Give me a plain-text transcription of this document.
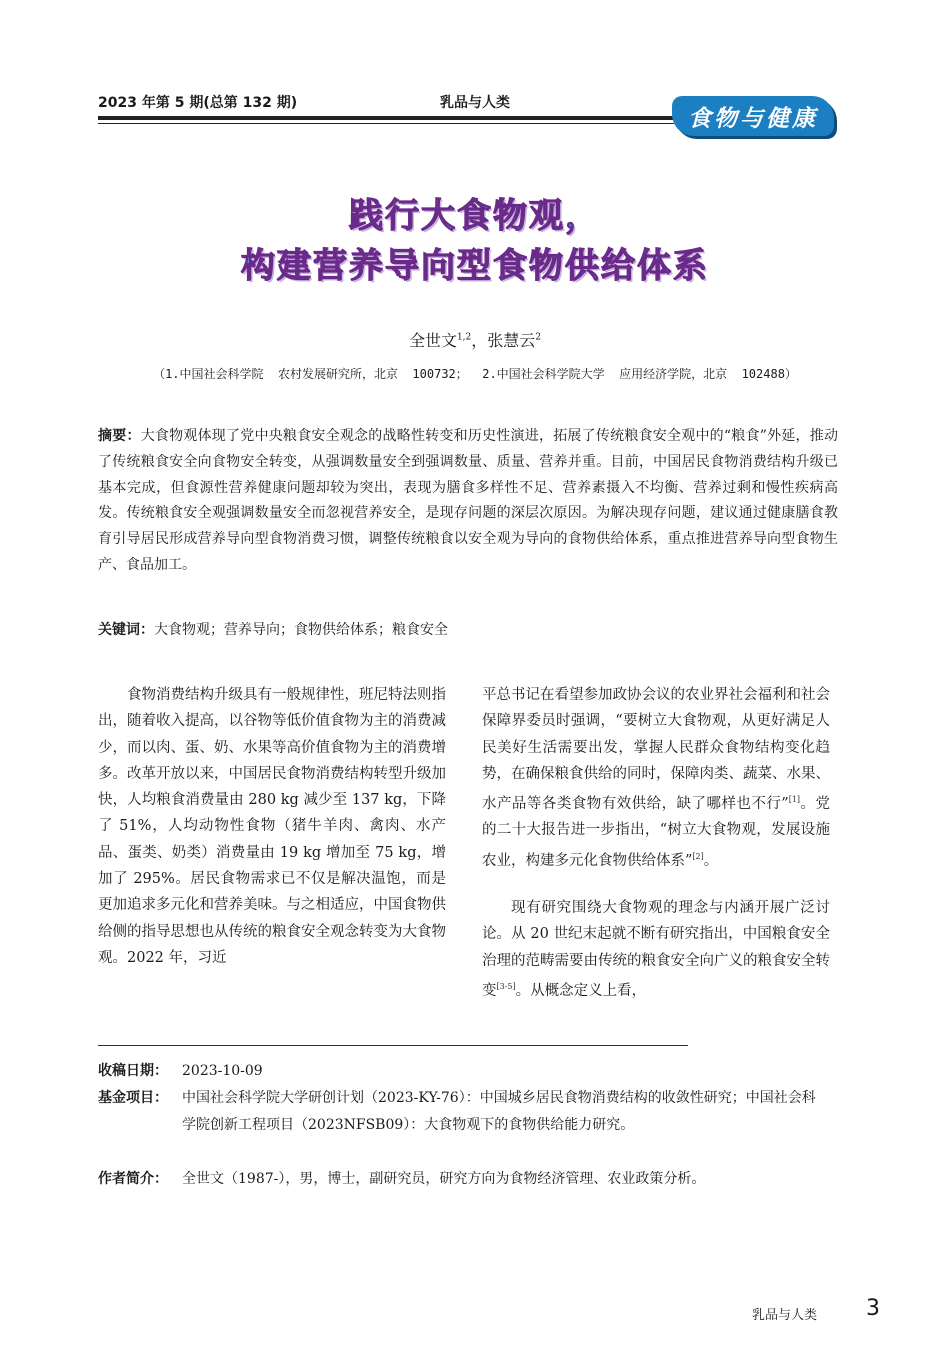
2023 年第 5 期(总第 132 期)	乳品与人类
食物与健康
践行大食物观，
构建营养导向型食物供给体系
全世文$^{1,2}$，张慧云$^2$
（1.中国社会科学院  农村发展研究所，北京  100732；  2.中国社会科学院大学  应用经济学院，北京  102488）
摘要：大食物观体现了党中央粮食安全观念的战略性转变和历史性演进，拓展了传统粮食安全观中的“粮食”外延，推动了传统粮食安全向食物安全转变，从强调数量安全到强调数量、质量、营养并重。目前，中国居民食物消费结构升级已基本完成，但食源性营养健康问题却较为突出，表现为膳食多样性不足、营养素摄入不均衡、营养过剩和慢性疾病高发。传统粮食安全观强调数量安全而忽视营养安全，是现存问题的深层次原因。为解决现存问题，建议通过健康膳食教育引导居民形成营养导向型食物消费习惯，调整传统粮食以安全观为导向的食物供给体系，重点推进营养导向型食物生产、食品加工。
关键词：大食物观；营养导向；食物供给体系；粮食安全
食物消费结构升级具有一般规律性，班尼特法则指出，随着收入提高，以谷物等低价值食物为主的消费减少，而以肉、蛋、奶、水果等高价值食物为主的消费增多。改革开放以来，中国居民食物消费结构转型升级加快，人均粮食消费量由 280 kg 减少至 137 kg，下降了 51%，人均动物性食物（猪牛羊肉、禽肉、水产品、蛋类、奶类）消费量由 19 kg 增加至 75 kg，增加了 295%。居民食物需求已不仅是解决温饱，而是更加追求多元化和营养美味。与之相适应，中国食物供给侧的指导思想也从传统的粮食安全观念转变为大食物观。2022 年，习近
平总书记在看望参加政协会议的农业界社会福利和社会保障界委员时强调，“要树立大食物观，从更好满足人民美好生活需要出发，掌握人民群众食物结构变化趋势，在确保粮食供给的同时，保障肉类、蔬菜、水果、水产品等各类食物有效供给，缺了哪样也不行”[1]。党的二十大报告进一步指出，“树立大食物观，发展设施农业，构建多元化食物供给体系”[2]。
现有研究围绕大食物观的理念与内涵开展广泛讨论。从 20 世纪末起就不断有研究指出，中国粮食安全治理的范畴需要由传统的粮食安全向广义的粮食安全转变[3-5]。从概念定义上看，
收稿日期：	2023-10-09
基金项目：	中国社会科学院大学研创计划（2023-KY-76）：中国城乡居民食物消费结构的收敛性研究；中国社会科学院创新工程项目（2023NFSB09）：大食物观下的食物供给能力研究。
作者简介：	全世文（1987-），男，博士，副研究员，研究方向为食物经济管理、农业政策分析。
乳品与人类 3
